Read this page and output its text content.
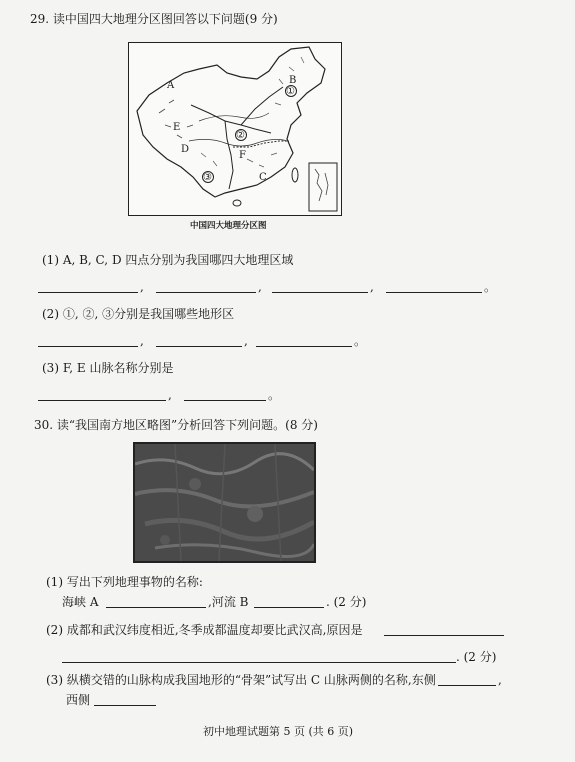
29. 读中国四大地理分区图回答以下问题(9 分)
A	B
①
E
②
D
F
③	C
中国四大地理分区图
(1) A, B, C, D 四点分别为我国哪四大地理区域
,	,	,	。
(2) ①, ②, ③分别是我国哪些地形区
,	,	。
(3) F, E 山脉名称分别是
,	。
30. 读“我国南方地区略图”分析回答下列问题。(8 分)
(1) 写出下列地理事物的名称:
海峡 A	,河流 B	. (2 分)
(2) 成都和武汉纬度相近,冬季成都温度却要比武汉高,原因是
. (2 分)
(3) 纵横交错的山脉构成我国地形的“骨架”试写出 C 山脉两侧的名称,东侧	,
西侧
初中地理试题第 5 页 (共 6 页)
